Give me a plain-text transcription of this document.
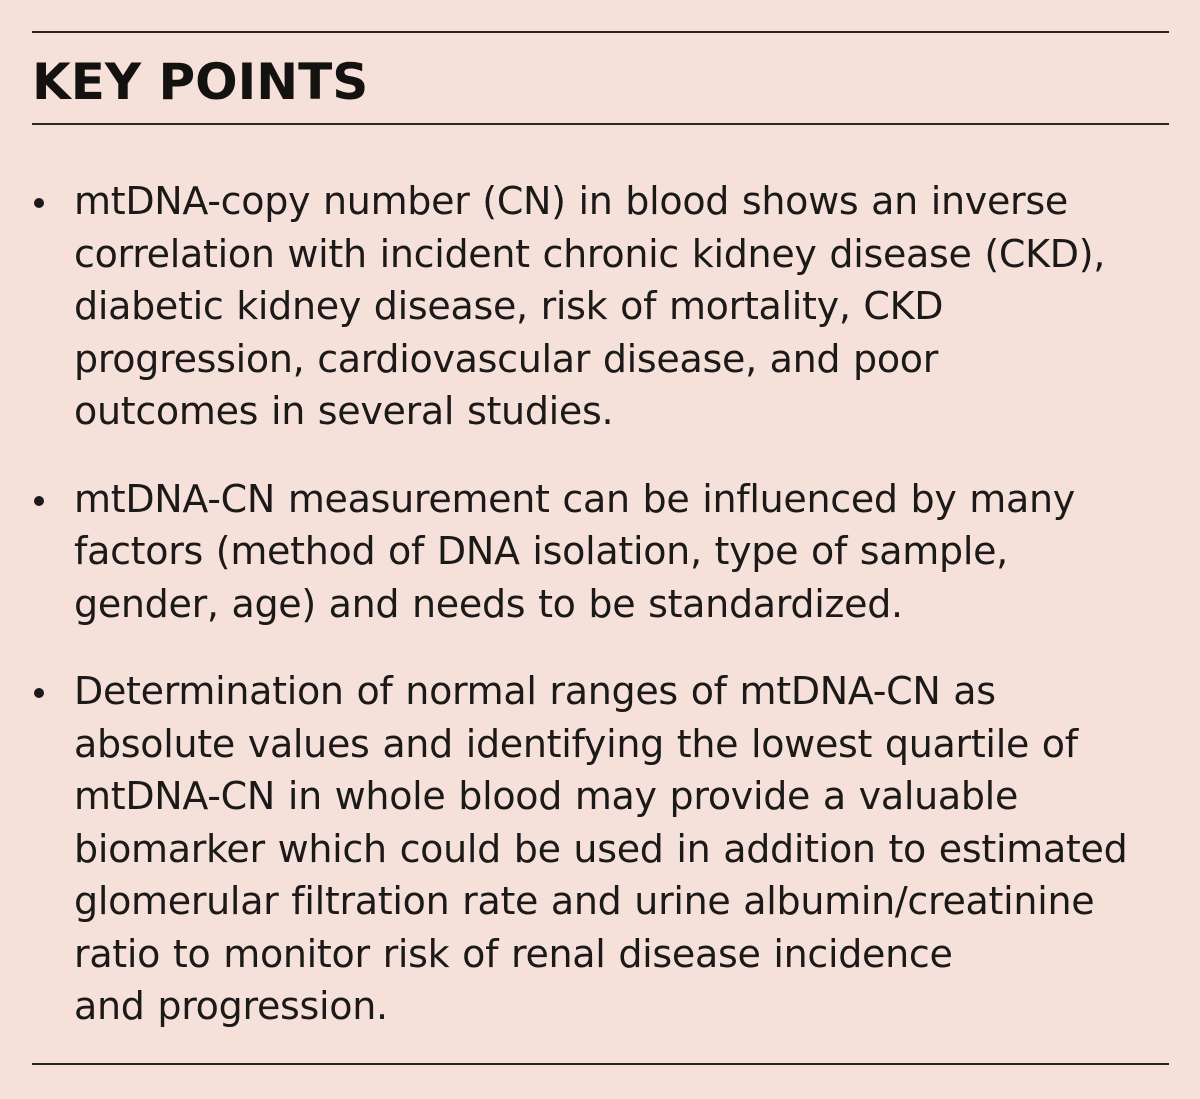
KEY POINTS
mtDNA-copy number (CN) in blood shows an inverse
correlation with incident chronic kidney disease (CKD),
diabetic kidney disease, risk of mortality, CKD
progression, cardiovascular disease, and poor
outcomes in several studies.
mtDNA-CN measurement can be influenced by many
factors (method of DNA isolation, type of sample,
gender, age) and needs to be standardized.
Determination of normal ranges of mtDNA-CN as
absolute values and identifying the lowest quartile of
mtDNA-CN in whole blood may provide a valuable
biomarker which could be used in addition to estimated
glomerular filtration rate and urine albumin/creatinine
ratio to monitor risk of renal disease incidence
and progression.
